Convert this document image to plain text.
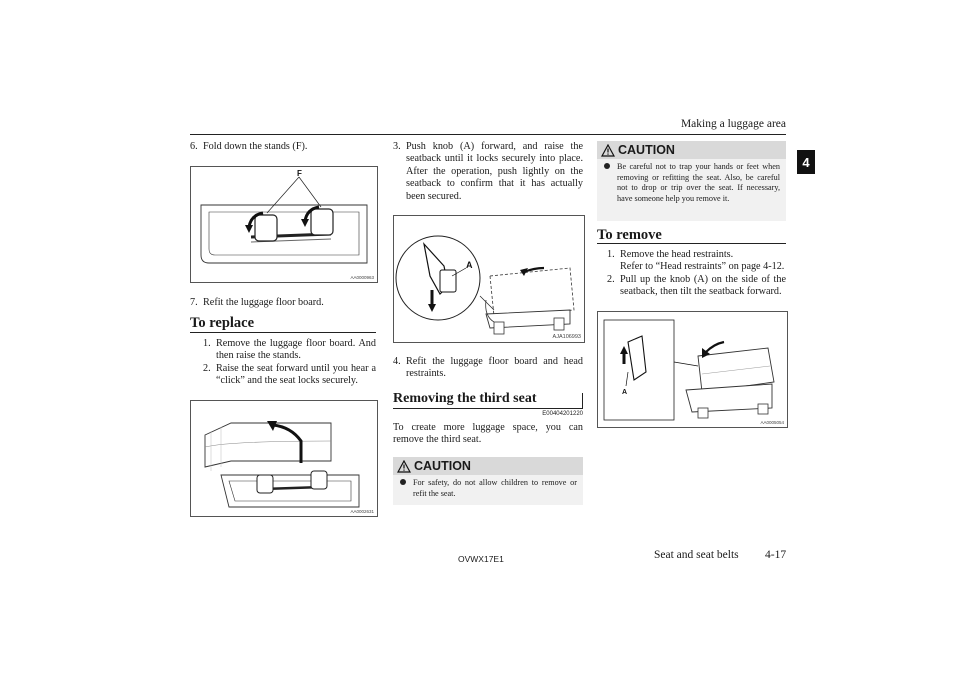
Making a luggage area
4
6. Fold down the stands (F).
F
AA0000963
7. Refit the luggage floor board.
To replace
1. Remove the luggage floor board. And then raise the stands.
2. Raise the seat forward until you hear a “click” and the seat locks securely.
AA0002631
3. Push knob (A) forward, and raise the seatback until it locks securely into place. After the operation, push lightly on the seatback to confirm that it has actually been secured.
A
AJA106993
4. Refit the luggage floor board and head restraints.
Removing the third seat
E00404201220
To create more luggage space, you can remove the third seat.
CAUTION
For safety, do not allow children to remove or refit the seat.
CAUTION
Be careful not to trap your hands or feet when removing or refitting the seat. Also, be careful not to drop or trip over the seat. If necessary, have someone help you remove it.
To remove
1. Remove the head restraints.
Refer to “Head restraints” on page 4-12.
2. Pull up the knob (A) on the side of the seatback, then tilt the seatback forward.
A
AA0005054
OVWX17E1	Seat and seat belts 4-17
